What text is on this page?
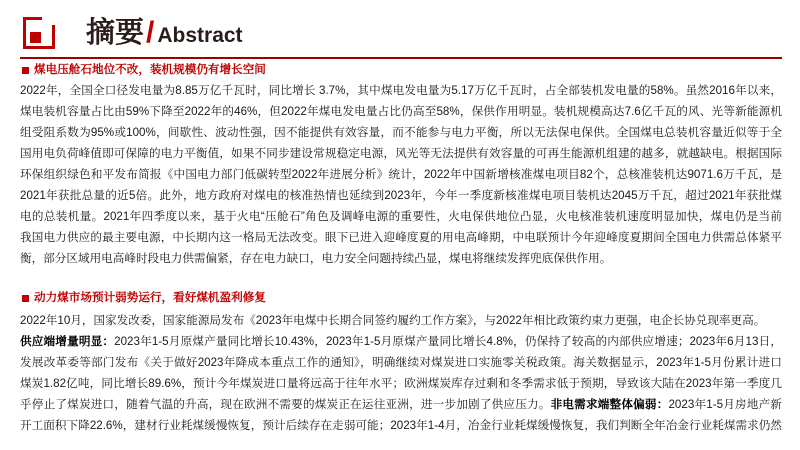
摘要 / Abstract
煤电压舱石地位不改，装机规模仍有增长空间
2022年，全国全口径发电量为8.85万亿千瓦时，同比增长 3.7%，其中煤电发电量为5.17万亿千瓦时，占全部装机发电量的58%。虽然2016年以来，
煤电装机容量占比由59%下降至2022年的46%，但2022年煤电发电量占比仍高至58%，保供作用明显。装机规模高达7.6亿千瓦的风、光等新能源机
组受阻系数为95%或100%，间歇性、波动性强，因不能提供有效容量，而不能参与电力平衡，所以无法保电保供。全国煤电总装机容量近似等于全
国用电负荷峰值即可保障的电力平衡值，如果不同步建设常规稳定电源，风光等无法提供有效容量的可再生能源机组建的越多，就越缺电。根据国际
环保组织绿色和平发布简报《中国电力部门低碳转型2022年进展分析》统计，2022年中国新增核准煤电项目82个，总核准装机达9071.6万千瓦，是
2021年获批总量的近5倍。此外，地方政府对煤电的核准热情也延续到2023年，今年一季度新核准煤电项目装机达2045万千瓦，超过2021年获批煤
电的总装机量。2021年四季度以来，基于火电“压舱石”角色及调峰电源的重要性，火电保供地位凸显，火电核准装机速度明显加快，煤电仍是当前
我国电力供应的最主要电源，中长期内这一格局无法改变。眼下已进入迎峰度夏的用电高峰期，中电联预计今年迎峰度夏期间全国电力供需总体紧平
衡，部分区域用电高峰时段电力供需偏紧，存在电力缺口，电力安全问题持续凸显，煤电将继续发挥兜底保供作用。
动力煤市场预计弱势运行，看好煤机盈利修复
2022年10月，国家发改委，国家能源局发布《2023年电煤中长期合同签约履约工作方案》，与2022年相比政策约束力更强，电企长协兑现率更高。
供应端增量明显：2023年1-5月原煤产量同比增长10.43%，2023年1-5月原煤产量同比增长4.8%，仍保持了较高的内部供应增速；2023年6月13日，
发展改革委等部门发布《关于做好2023年降成本重点工作的通知》，明确继续对煤炭进口实施零关税政策。海关数据显示，2023年1-5月份累计进口
煤炭1.82亿吨，同比增长89.6%，预计今年煤炭进口量将远高于往年水平；欧洲煤炭库存过剩和冬季需求低于预期，导致该大陆在2023年第一季度几
乎停止了煤炭进口，随着气温的升高，现在欧洲不需要的煤炭正在运往亚洲，进一步加剧了供应压力。非电需求端整体偏弱：2023年1-5月房地产新
开工面积下降22.6%，建材行业耗煤缓慢恢复，预计后续存在走弱可能；2023年1-4月，冶金行业耗煤缓慢恢复，我们判断全年冶金行业耗煤需求仍然
